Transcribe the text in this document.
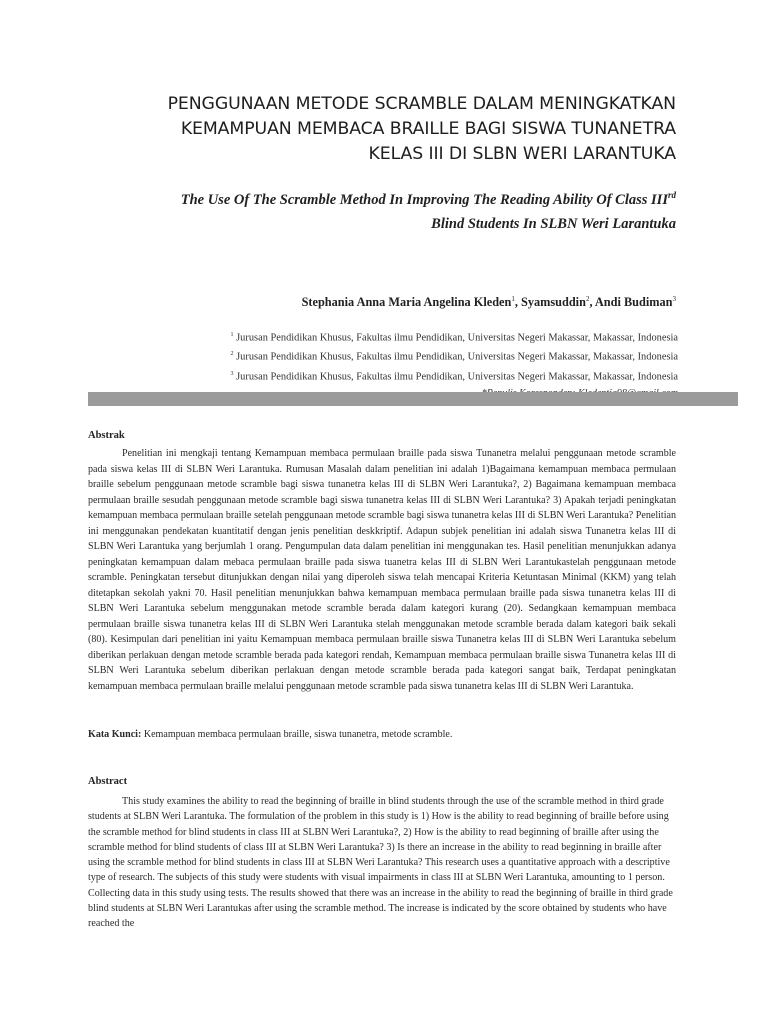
PENGGUNAAN METODE SCRAMBLE DALAM MENINGKATKAN
KEMAMPUAN MEMBACA BRAILLE BAGI SISWA TUNANETRA
KELAS III DI SLBN WERI LARANTUKA
The Use Of The Scramble Method In Improving The Reading Ability Of Class IIIrd
Blind Students In SLBN Weri Larantuka
Stephania Anna Maria Angelina Kleden$^1$, Syamsuddin$^2$, Andi Budiman$^3$
$^1$ Jurusan Pendidikan Khusus, Fakultas ilmu Pendidikan, Universitas Negeri Makassar, Makassar, Indonesia
$^2$ Jurusan Pendidikan Khusus, Fakultas ilmu Pendidikan, Universitas Negeri Makassar, Makassar, Indonesia
$^3$ Jurusan Pendidikan Khusus, Fakultas ilmu Pendidikan, Universitas Negeri Makassar, Makassar, Indonesia
Abstrak

Penelitian ini mengkaji tentang Kemampuan membaca permulaan braille pada siswa Tunanetra melalui penggunaan metode scramble pada siswa kelas III di SLBN Weri Larantuka. Rumusan Masalah dalam penelitian ini adalah 1)Bagaimana kemampuan membaca permulaan braille sebelum penggunaan metode scramble bagi siswa tunanetra kelas III di SLBN Weri Larantuka?, 2) Bagaimana kemampuan membaca permulaan braille sesudah penggunaan metode scramble bagi siswa tunanetra kelas III di SLBN Weri Larantuka? 3) Apakah terjadi peningkatan kemampuan membaca permulaan braille setelah penggunaan metode scramble bagi siswa tunanetra kelas III di SLBN Weri Larantuka? Penelitian ini menggunakan pendekatan kuantitatif dengan jenis penelitian deskkriptif. Adapun subjek penelitian ini adalah siswa Tunanetra kelas III di SLBN Weri Larantuka yang berjumlah 1 orang. Pengumpulan data dalam penelitian ini menggunakan tes. Hasil penelitian menunjukkan adanya peningkatan kemampuan dalam mebaca permulaan braille pada siswa tuanetra kelas III di SLBN Weri Larantukastelah penggunaan metode scramble. Peningkatan tersebut ditunjukkan dengan nilai yang diperoleh siswa telah mencapai Kriteria Ketuntasan Minimal (KKM) yang telah ditetapkan sekolah yakni 70. Hasil penelitian menunjukkan bahwa kemampuan membaca permulaan braille pada siswa tunanetra kelas III di SLBN Weri Larantuka sebelum menggunakan metode scramble berada dalam kategori kurang (20). Sedangkaan kemampuan membaca permulaan braille siswa tunanetra kelas III di SLBN Weri Larantuka stelah menggunakan metode scramble berada dalam kategori baik sekali (80). Kesimpulan dari penelitian ini yaitu Kemampuan membaca permulaan braille siswa Tunanetra kelas III di SLBN Weri Larantuka sebelum diberikan perlakuan dengan metode scramble berada pada kategori rendah, Kemampuan membaca permulaan braille siswa Tunanetra kelas III di SLBN Weri Larantuka sebelum diberikan perlakuan dengan metode scramble berada pada kategori sangat baik, Terdapat peningkatan kemampuan membaca permulaan braille melalui penggunaan metode scramble pada siswa tunanetra kelas III di SLBN Weri Larantuka.

Kata Kunci: Kemampuan membaca permulaan braille, siswa tunanetra, metode scramble.
Abstract

This study examines the ability to read the beginning of braille in blind students through the use of the scramble method in third grade students at SLBN Weri Larantuka. The formulation of the problem in this study is 1) How is the ability to read beginning of braille before using the scramble method for blind students in class III at SLBN Weri Larantuka?, 2) How is the ability to read beginning of braille after using the scramble method for blind students of class III at SLBN Weri Larantuka? 3) Is there an increase in the ability to read beginning in braille after using the scramble method for blind students in class III at SLBN Weri Larantuka? This research uses a quantitative approach with a descriptive type of research. The subjects of this study were students with visual impairments in class III at SLBN Weri Larantuka, amounting to 1 person. Collecting data in this study using tests. The results showed that there was an increase in the ability to read the beginning of braille in third grade blind students at SLBN Weri Larantukas after using the scramble method. The increase is indicated by the score obtained by students who have reached the
